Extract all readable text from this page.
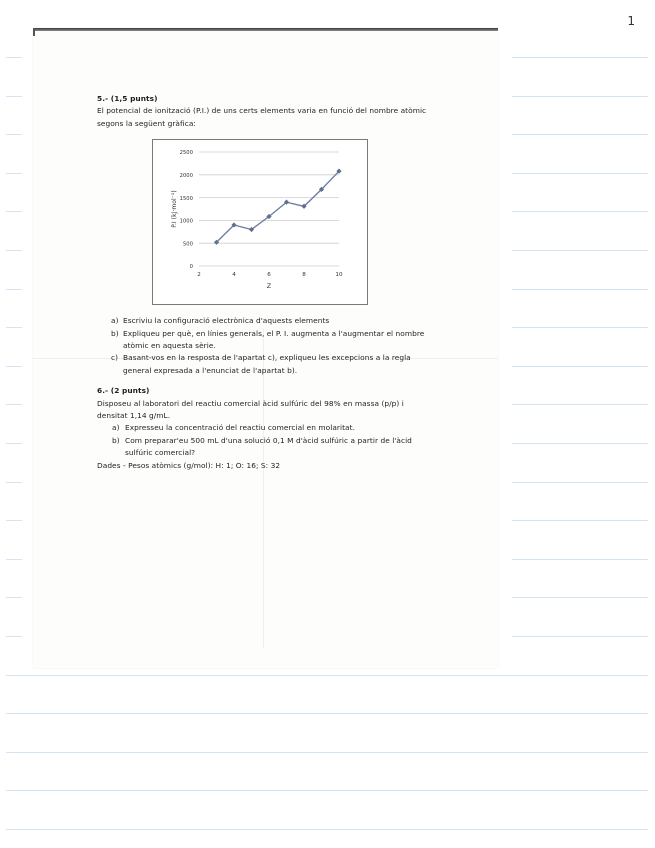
1

5.- (1,5 punts)

El potencial de ionització (P.I.) de uns certs elements varia en funció del nombre atòmic segons la següent gràfica:

0
500
1000
1500
2000
2500
2	4	6	8	10
Z
P.I (kJ·mol⁻¹)
a) Escriviu la configuració electrònica d'aquests elements
b) Expliqueu per què, en línies generals, el P. I. augmenta a l'augmentar el nombre atòmic en aquesta sèrie.
c) Basant-vos en la resposta de l'apartat c), expliqueu les excepcions a la regla general expresada a l'enunciat de l'apartat b).

6.- (2 punts)

Disposeu al laboratori del reactiu comercial àcid sulfúric del 98% en massa (p/p) i densitat 1,14 g/mL.

a) Expresseu la concentració del reactiu comercial en molaritat.
b) Com preparar'eu 500 mL d'una solució 0,1 M d'àcid sulfúric a partir de l'àcid sulfúric comercial?

Dades - Pesos atòmics (g/mol): H: 1; O: 16; S: 32
